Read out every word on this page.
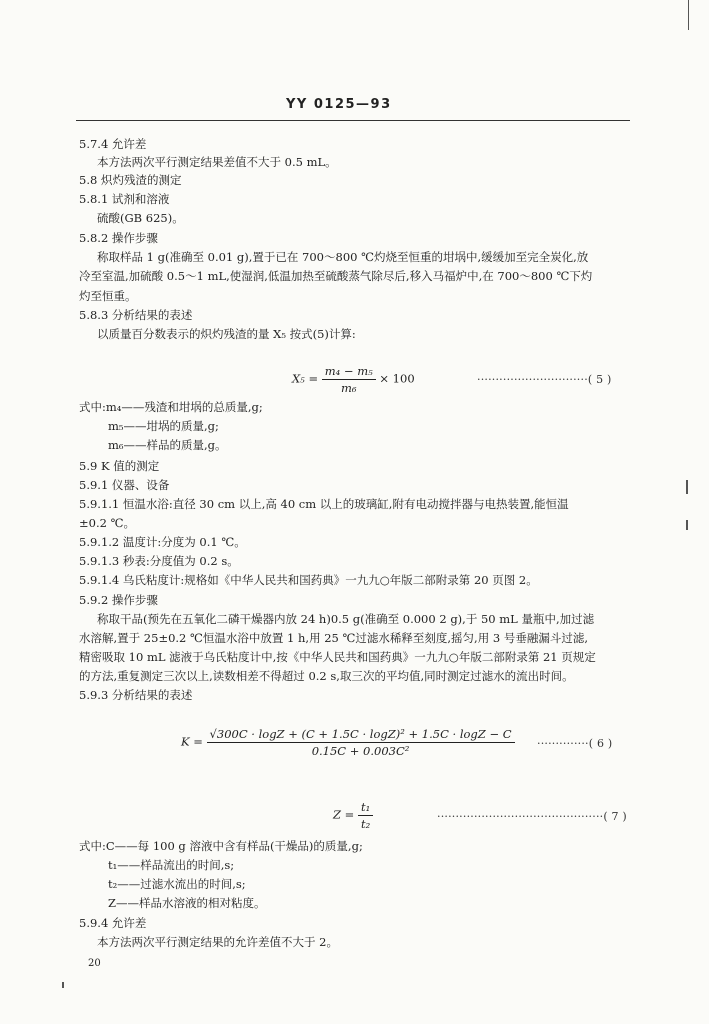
YY 0125—93
5.7.4 允许差
本方法两次平行测定结果差值不大于 0.5 mL。
5.8 炽灼残渣的测定
5.8.1 试剂和溶液
硫酸(GB 625)。
5.8.2 操作步骤
称取样品 1 g(准确至 0.01 g),置于已在 700～800 ℃灼烧至恒重的坩埚中,缓缓加至完全炭化,放
冷至室温,加硫酸 0.5～1 mL,使湿润,低温加热至硫酸蒸气除尽后,移入马福炉中,在 700～800 ℃下灼
灼至恒重。
5.8.3 分析结果的表述
以质量百分数表示的炽灼残渣的量 X₅ 按式(5)计算:
$X_5 = \frac{\text{m₄ − m₅}}{\text{m₆}} \times 100$	······························( 5 )
式中:m₄——残渣和坩埚的总质量,g;
m₅——坩埚的质量,g;
m₆——样品的质量,g。
5.9 K 值的测定
5.9.1 仪器、设备
5.9.1.1 恒温水浴:直径 30 cm 以上,高 40 cm 以上的玻璃缸,附有电动搅拌器与电热装置,能恒温
±0.2 ℃。
5.9.1.2 温度计:分度为 0.1 ℃。
5.9.1.3 秒表:分度值为 0.2 s。
5.9.1.4 乌氏粘度计:规格如《中华人民共和国药典》一九九○年版二部附录第 20 页图 2。
5.9.2 操作步骤
称取干品(预先在五氧化二磷干燥器内放 24 h)0.5 g(准确至 0.000 2 g),于 50 mL 量瓶中,加过滤
水溶解,置于 25±0.2 ℃恒温水浴中放置 1 h,用 25 ℃过滤水稀释至刻度,摇匀,用 3 号垂融漏斗过滤,
精密吸取 10 mL 滤液于乌氏粘度计中,按《中华人民共和国药典》一九九○年版二部附录第 21 页规定
的方法,重复测定三次以上,读数相差不得超过 0.2 s,取三次的平均值,同时测定过滤水的流出时间。
5.9.3 分析结果的表述
$K = \frac{\text{√300C · logZ + (C + 1.5C · logZ)² + 1.5C · logZ − C}}{\text{0.15C + 0.003C²}}$ ··············( 6 )
$Z = \frac{\text{t₁}}{\text{t₂}}$	·············································( 7 )
式中:C——每 100 g 溶液中含有样品(干燥品)的质量,g;
t₁——样品流出的时间,s;
t₂——过滤水流出的时间,s;
Z——样品水溶液的相对粘度。
5.9.4 允许差
本方法两次平行测定结果的允许差值不大于 2。
20
